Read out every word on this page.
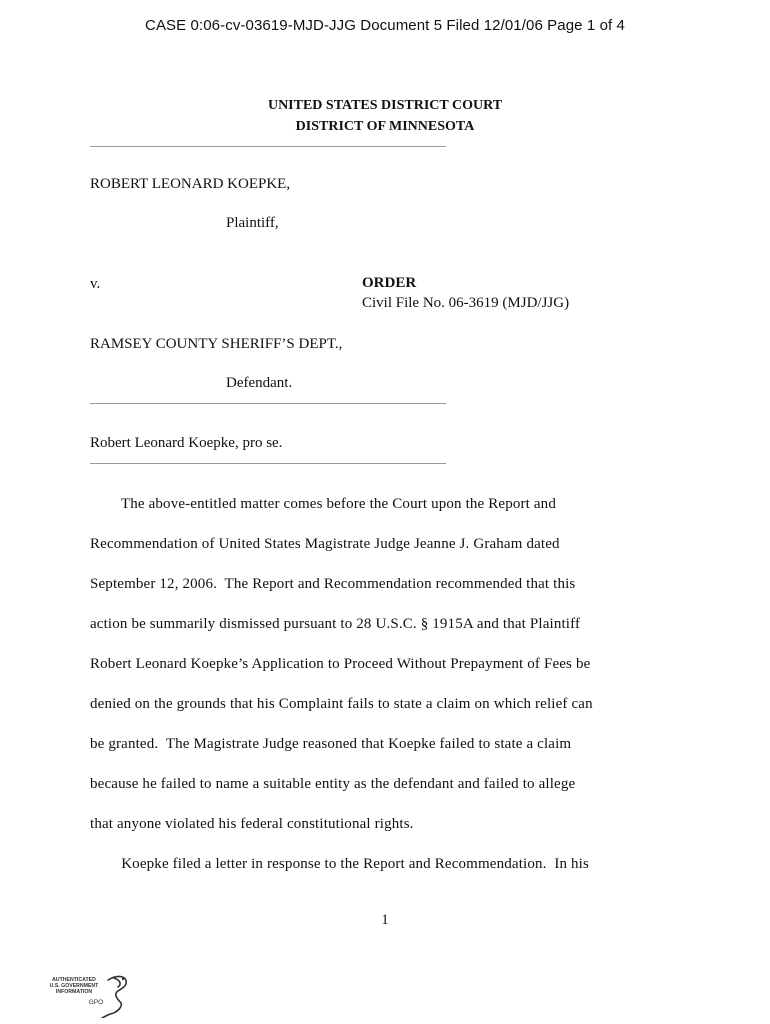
CASE 0:06-cv-03619-MJD-JJG Document 5 Filed 12/01/06 Page 1 of 4
UNITED STATES DISTRICT COURT
DISTRICT OF MINNESOTA
_______________________________________________________________
ROBERT LEONARD KOEPKE,
Plaintiff,
v.	ORDER
Civil File No. 06-3619 (MJD/JJG)
RAMSEY COUNTY SHERIFF’S DEPT.,
Defendant.
_______________________________________________________________
Robert Leonard Koepke, pro se.
_______________________________________________________________
The above-entitled matter comes before the Court upon the Report and
Recommendation of United States Magistrate Judge Jeanne J. Graham dated
September 12, 2006.  The Report and Recommendation recommended that this
action be summarily dismissed pursuant to 28 U.S.C. § 1915A and that Plaintiff
Robert Leonard Koepke’s Application to Proceed Without Prepayment of Fees be
denied on the grounds that his Complaint fails to state a claim on which relief can
be granted.  The Magistrate Judge reasoned that Koepke failed to state a claim
because he failed to name a suitable entity as the defendant and failed to allege
that anyone violated his federal constitutional rights.
Koepke filed a letter in response to the Report and Recommendation.  In his
1
AUTHENTICATED
U.S. GOVERNMENT
INFORMATION
GPO
